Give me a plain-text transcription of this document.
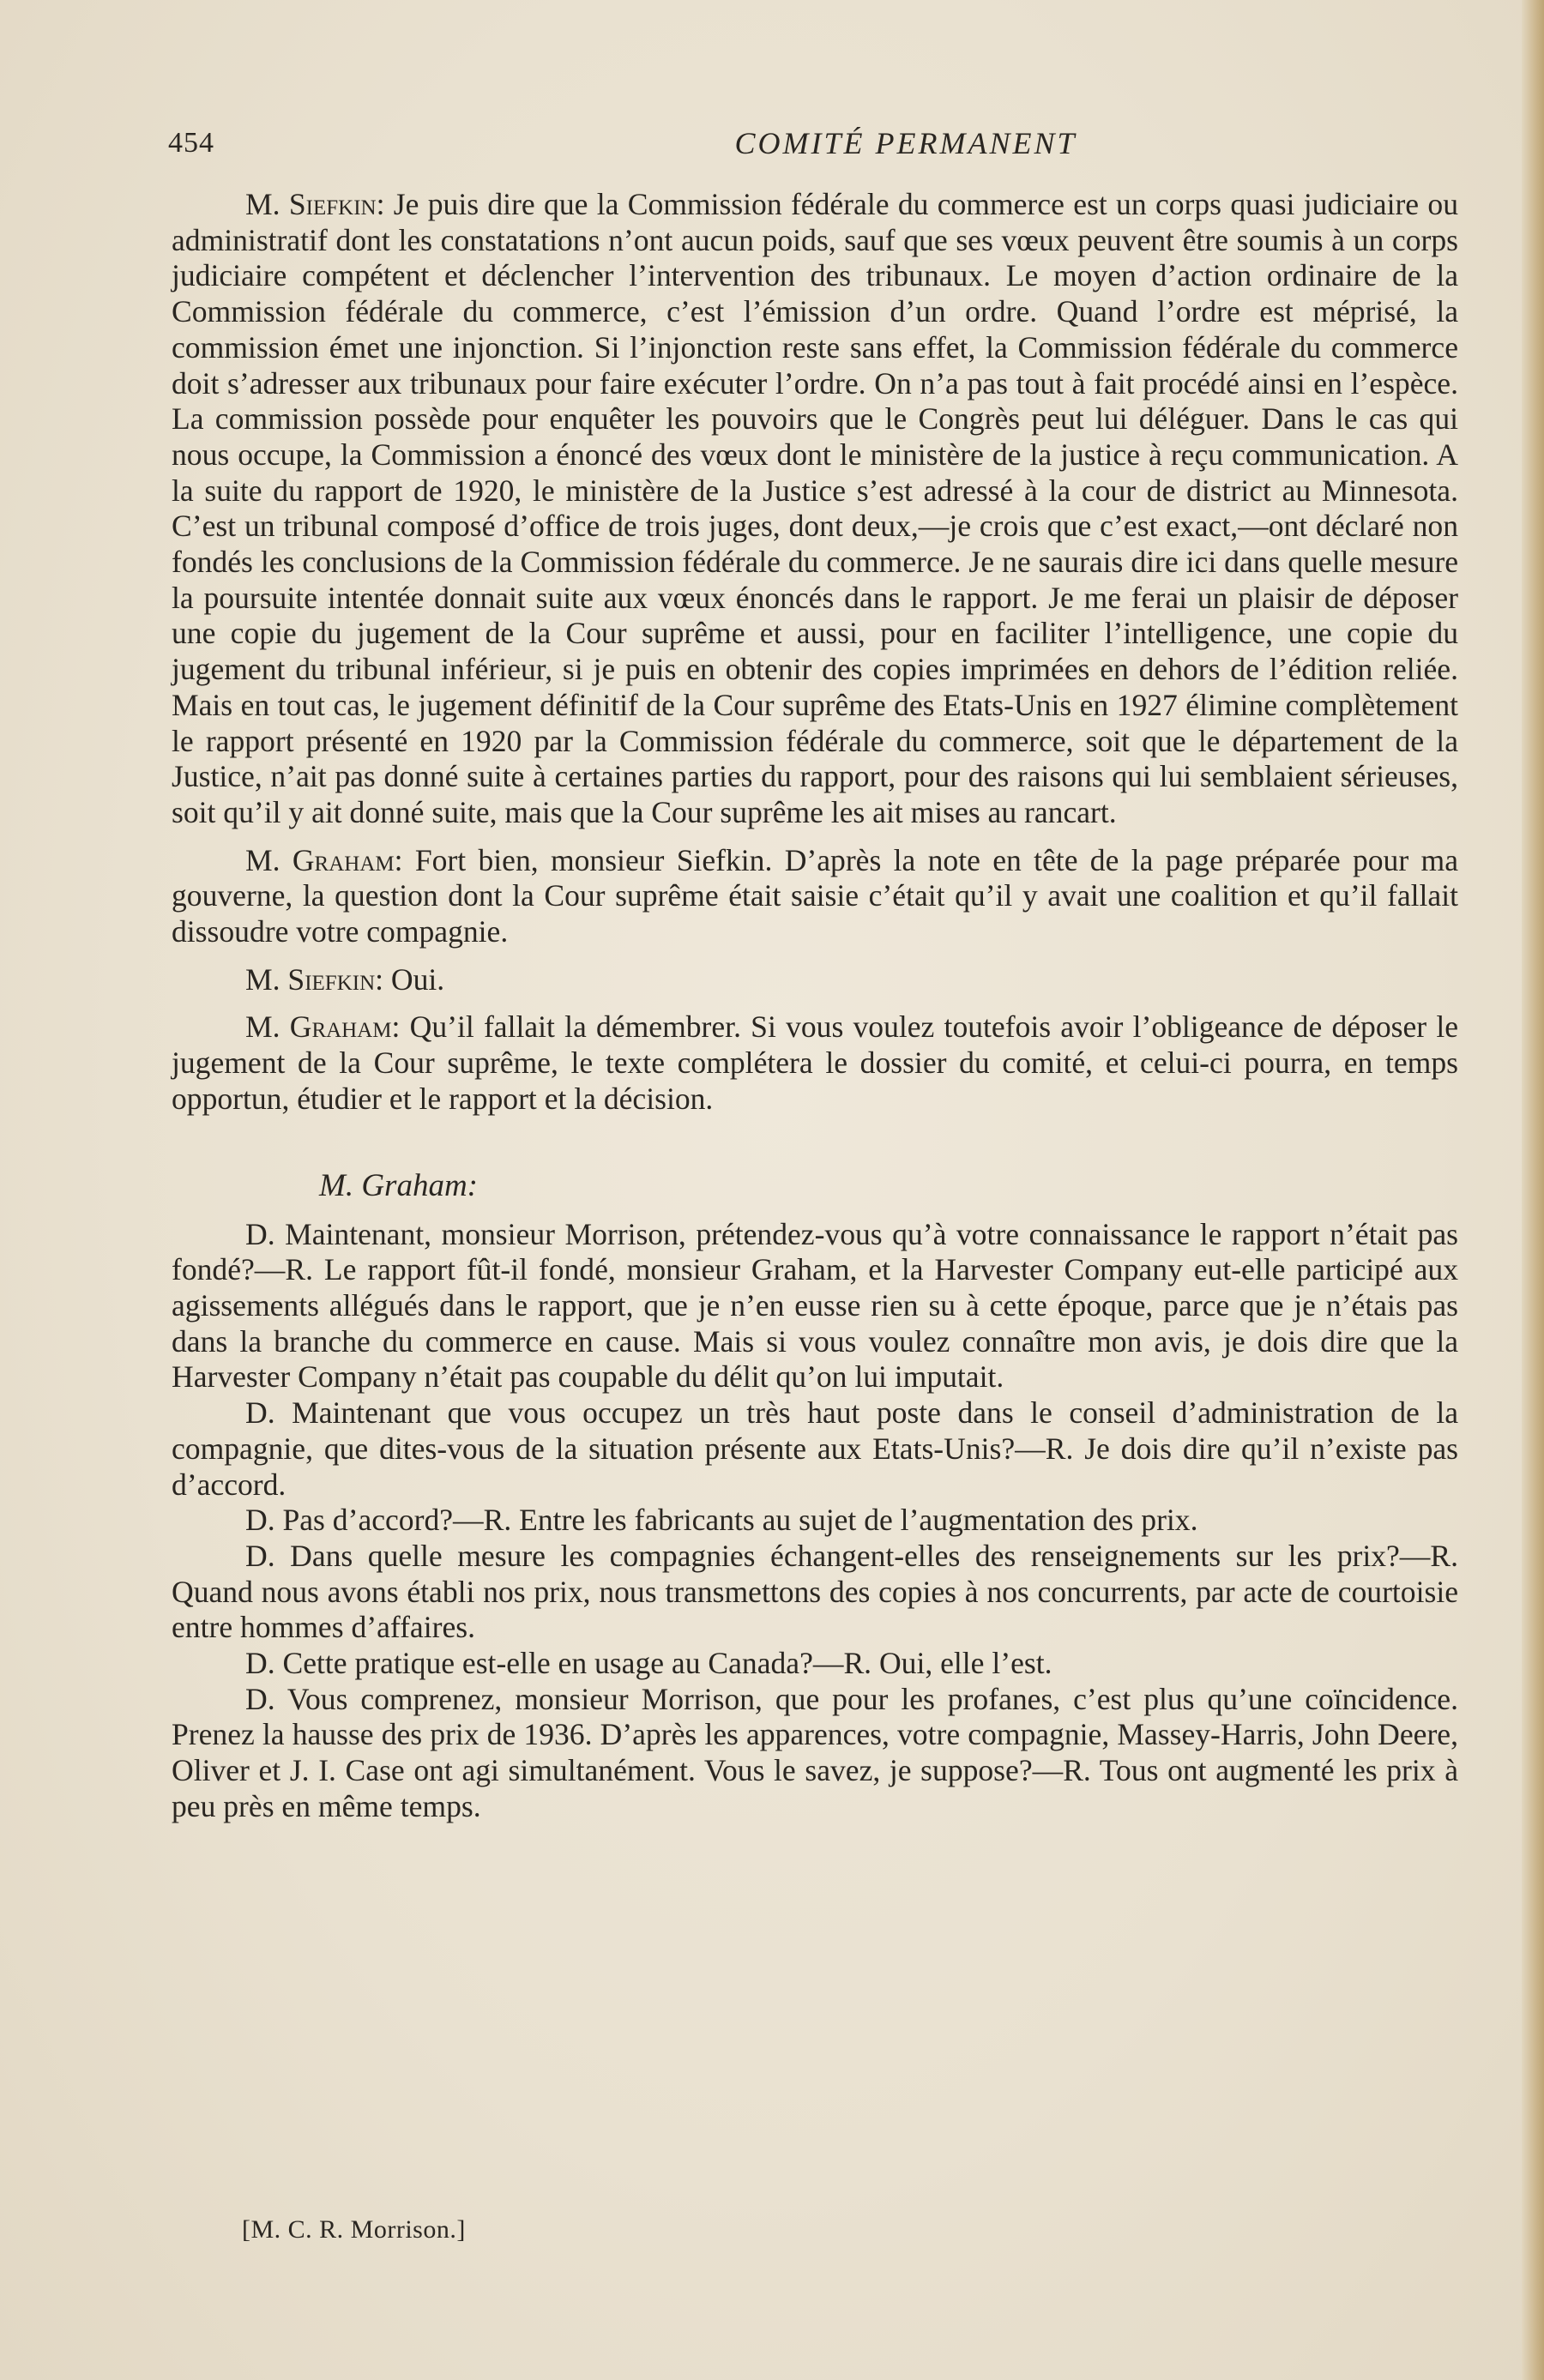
454	COMITÉ PERMANENT

M. Siefkin: Je puis dire que la Commission fédérale du commerce est un corps quasi judiciaire ou administratif dont les constatations n’ont aucun poids, sauf que ses vœux peuvent être soumis à un corps judiciaire compétent et déclencher l’intervention des tribunaux. Le moyen d’action ordinaire de la Commission fédérale du commerce, c’est l’émission d’un ordre. Quand l’ordre est méprisé, la commission émet une injonction. Si l’injonction reste sans effet, la Commission fédérale du commerce doit s’adresser aux tribunaux pour faire exécuter l’ordre. On n’a pas tout à fait procédé ainsi en l’espèce. La commission possède pour enquêter les pouvoirs que le Congrès peut lui déléguer. Dans le cas qui nous occupe, la Commission a énoncé des vœux dont le ministère de la justice à reçu communication. A la suite du rapport de 1920, le ministère de la Justice s’est adressé à la cour de district au Minnesota. C’est un tribunal composé d’office de trois juges, dont deux,—je crois que c’est exact,—ont déclaré non fondés les conclusions de la Commission fédérale du commerce. Je ne saurais dire ici dans quelle mesure la poursuite intentée donnait suite aux vœux énoncés dans le rapport. Je me ferai un plaisir de déposer une copie du jugement de la Cour suprême et aussi, pour en faciliter l’intelligence, une copie du jugement du tribunal inférieur, si je puis en obtenir des copies imprimées en dehors de l’édition reliée. Mais en tout cas, le jugement définitif de la Cour suprême des Etats-Unis en 1927 élimine complètement le rapport présenté en 1920 par la Commission fédérale du commerce, soit que le département de la Justice, n’ait pas donné suite à certaines parties du rapport, pour des raisons qui lui semblaient sérieuses, soit qu’il y ait donné suite, mais que la Cour suprême les ait mises au rancart.

M. Graham: Fort bien, monsieur Siefkin. D’après la note en tête de la page préparée pour ma gouverne, la question dont la Cour suprême était saisie c’était qu’il y avait une coalition et qu’il fallait dissoudre votre compagnie.

M. Siefkin: Oui.

M. Graham: Qu’il fallait la démembrer. Si vous voulez toutefois avoir l’obligeance de déposer le jugement de la Cour suprême, le texte complétera le dossier du comité, et celui-ci pourra, en temps opportun, étudier et le rapport et la décision.

M. Graham:

D. Maintenant, monsieur Morrison, prétendez-vous qu’à votre connaissance le rapport n’était pas fondé?—R. Le rapport fût-il fondé, monsieur Graham, et la Harvester Company eut-elle participé aux agissements allégués dans le rapport, que je n’en eusse rien su à cette époque, parce que je n’étais pas dans la branche du commerce en cause. Mais si vous voulez connaître mon avis, je dois dire que la Harvester Company n’était pas coupable du délit qu’on lui imputait.

D. Maintenant que vous occupez un très haut poste dans le conseil d’administration de la compagnie, que dites-vous de la situation présente aux Etats-Unis?—R. Je dois dire qu’il n’existe pas d’accord.

D. Pas d’accord?—R. Entre les fabricants au sujet de l’augmentation des prix.

D. Dans quelle mesure les compagnies échangent-elles des renseignements sur les prix?—R. Quand nous avons établi nos prix, nous transmettons des copies à nos concurrents, par acte de courtoisie entre hommes d’affaires.

D. Cette pratique est-elle en usage au Canada?—R. Oui, elle l’est.

D. Vous comprenez, monsieur Morrison, que pour les profanes, c’est plus qu’une coïncidence. Prenez la hausse des prix de 1936. D’après les apparences, votre compagnie, Massey-Harris, John Deere, Oliver et J. I. Case ont agi simultanément. Vous le savez, je suppose?—R. Tous ont augmenté les prix à peu près en même temps.

[M. C. R. Morrison.]
